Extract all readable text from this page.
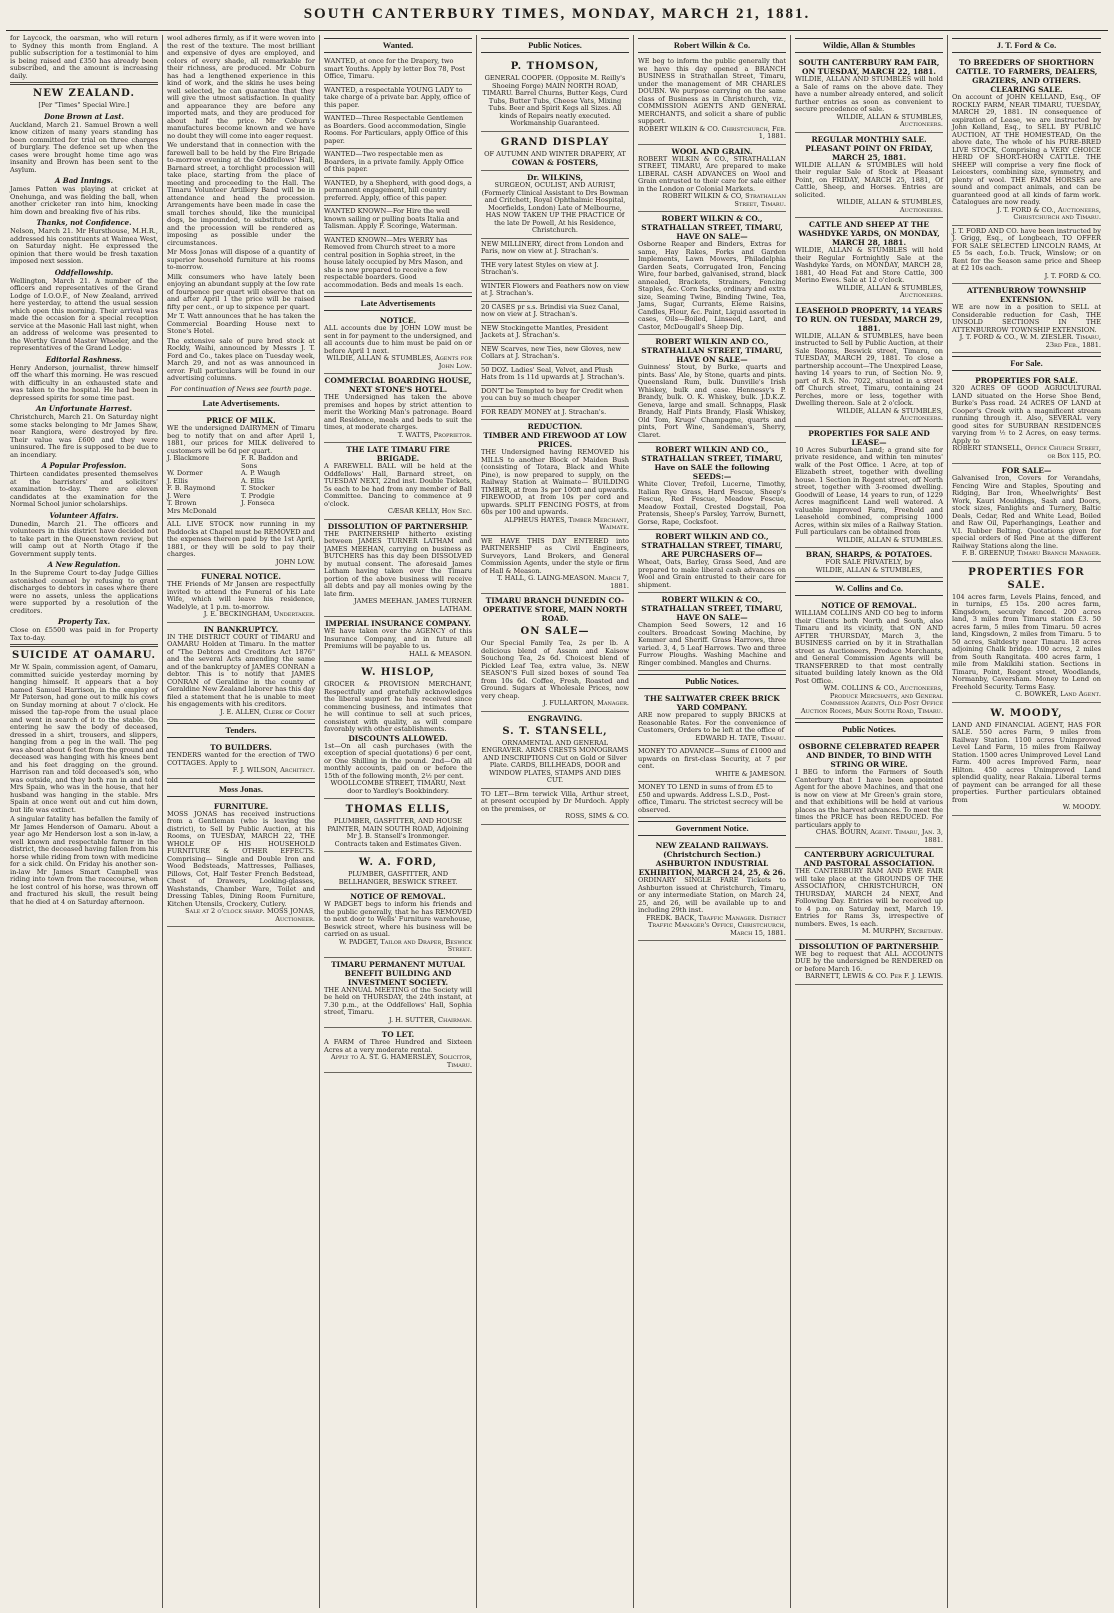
SOUTH CANTERBURY TIMES, MONDAY, MARCH 21, 1881.
for Laycock, the oarsman, who will return to Sydney this month from England. A public subscription for a testimonial to him is being raised and £350 has already been subscribed, and the amount is increasing daily.
NEW ZEALAND.
[Per "Times" Special Wire.]
Done Brown at Last.
Auckland, March 21. Samuel Brown a well know citizen of many years standing has been committed for trial on three charges of burglary. The defence set up when the cases were brought home time ago was insanity and Brown has been sent to the Asylum.
A Bad Innings.
James Patten was playing at cricket at Onehunga, and was fielding the ball, when another cricketer ran into him, knocking him down and breaking five of his ribs.
Thanks, not Confidence.
Nelson, March 21. Mr Hursthouse, M.H.R., addressed his constituents at Waimea West, on Saturday night. He expressed the opinion that there would be fresh taxation imposed next session.
Oddfellowship.
Wellington, March 21. A number of the officers and representatives of the Grand Lodge of I.O.O.F., of New Zealand, arrived here yesterday, to attend the usual session which open this morning. Their arrival was made the occasion for a special reception service at the Masonic Hall last night, when an address of welcome was presented to the Worthy Grand Master Wheeler, and the representatives of the Grand Lodge.
Editorial Rashness.
Henry Anderson, journalist, threw himself off the wharf this morning. He was rescued with difficulty in an exhausted state and was taken to the hospital. He had been in depressed spirits for some time past.
An Unfortunate Harrest.
Christchurch, March 21. On Saturday night some stacks belonging to Mr James Shaw, near Rangiora, were destroyed by fire. Their value was £600 and they were uninsured. The fire is supposed to be due to an incendiary.
A Popular Profession.
Thirteen candidates presented themselves at the barristers' and solicitors' examination to-day. There are eleven candidates at the examination for the Normal School junior scholarships.
Volunteer Affairs.
Dunedin, March 21. The officers and volunteers in this district have decided not to take part in the Queenstown review, but will camp out at North Otago if the Government supply tents.
A New Regulation.
In the Supreme Court to-day Judge Gillies astonished counsel by refusing to grant discharges to debtors in cases where there were no assets, unless the applications were supported by a resolution of the creditors.
Property Tax.
Close on £5500 was paid in for Property Tax to-day.
SUICIDE AT OAMARU.
Mr W. Spain, commission agent, of Oamaru, committed suicide yesterday morning by hanging himself. It appears that a boy named Samuel Harrison, in the employ of Mr Paterson, had gone out to milk his cows on Sunday morning at about 7 o'clock. He missed the tap-rope from the usual place and went in search of it to the stable. On entering he saw the body of deceased, dressed in a shirt, trousers, and slippers, hanging from a peg in the wall. The peg was about about 6 feet from the ground and deceased was hanging with his knees bent and his feet dragging on the ground. Harrison ran and told deceased's son, who was outside, and they both ran in and told Mrs Spain, who was in the house, that her husband was hanging in the stable. Mrs Spain at once went out and cut him down, but life was extinct.
A singular fatality has befallen the family of Mr James Henderson of Oamaru. About a year ago Mr Henderson lost a son in-law, a well known and respectable farmer in the district, the deceased having fallen from his horse while riding from town with medicine for a sick child. On Friday his another son-in-law Mr James Smart Campbell was riding into town from the racecourse, when he lost control of his horse, was thrown off and fractured his skull, the result being that he died at 4 on Saturday afternoon.
wool adheres firmly, as if it were woven into the rest of the texture. The most brilliant and expensive of dyes are employed, and colors of every shade, all remarkable for their richness, are produced. Mr Coburn has had a lengthened experience in this kind of work, and the skins he uses being well selected, he can guarantee that they will give the utmost satisfaction. In quality and appearance they are before any imported mats, and they are produced for about half the price. Mr Coburn's manufactures become known and we have no doubt they will come into eager request.
We understand that in connection with the farewell ball to be held by the Fire Brigade to-morrow evening at the Oddfellows' Hall, Barnard street, a torchlight procession will take place, starting from the place of meeting and proceeding to the Hall. The Timaru Volunteer Artillery Band will be in attendance and head the procession. Arrangements have been made in case the small torches should, like the municipal dogs, be impounded, to substitute others, and the procession will be rendered as imposing as possible under the circumstances.
Mr Moss Jonas will dispose of a quantity of superior household furniture at his rooms to-morrow.
Milk consumers who have lately been enjoying an abundant supply at the low rate of fourpence per quart will observe that on and after April 1 the price will be raised fifty per cent., or up to sixpence per quart.
Mr T. Watt announces that he has taken the Commercial Boarding House next to Stone's Hotel.
The extensive sale of pure bred stock at Rockly, Waihi, announced by Messrs J. T. Ford and Co., takes place on Tuesday week, March 29, and not as was announced in error. Full particulars will be found in our advertising columns.
For continuation of News see fourth page.
Late Advertisements.
PRICE OF MILK.
WE the undersigned DAIRYMEN of Timaru beg to notify that on and after April 1, 1881, our prices for MILK delivered to customers will be 6d per quart.
J. Blackmore	F. R. Baddon and Sons
W. Dormer	A. P. Waugh
J. Ellis	A. Ellis
F. B. Raymond	T. Stocker
J. Were	T. Prodgie
T. Brown	J. Fonseca
Mrs McDonald
ALL LIVE STOCK now running in my Paddocks at Chapel must be REMOVED and the expenses thereon paid by the 1st April, 1881, or they will be sold to pay their charges.
JOHN LOW.
FUNERAL NOTICE.
THE Friends of Mr Jansen are respectfully invited to attend the Funeral of his Late Wife, which will leave his residence, Wadelyle, at 1 p.m. to-morrow.
J. E. BECKINGHAM, Undertaker.
IN BANKRUPTCY.
IN THE DISTRICT COURT of TIMARU and OAMARU Holden at Timaru. In the matter of "The Debtors and Creditors Act 1876" and the several Acts amending the same and of the bankruptcy of JAMES CONRAN a debtor. This is to notify that JAMES CONRAN of Geraldine in the county of Geraldine New Zealand laborer has this day filed a statement that he is unable to meet his engagements with his creditors.
J. E. ALLEN, Clerk of Court
Tenders.
TO BUILDERS.
TENDERS wanted for the erection of TWO COTTAGES. Apply to
F. J. WILSON, Architect.
Moss Jonas.
FURNITURE.
MOSS JONAS has received instructions from a Gentleman (who is leaving the district), to Sell by Public Auction, at his Rooms, on TUESDAY, MARCH 22, THE WHOLE OF HIS HOUSEHOLD FURNITURE & OTHER EFFECTS. Comprising— Single and Double Iron and Wood Bedsteads, Mattresses, Palliases, Pillows, Cot, Half Tester French Bedstead, Chest of Drawers, Looking-glasses, Washstands, Chamber Ware, Toilet and Dressing Tables, Dining Room Furniture, Kitchen Utensils, Crockery, Cutlery.
Sale at 2 o'clock sharp. MOSS JONAS, Auctioneer.
Wanted.
WANTED, at once for the Drapery, two smart Youths. Apply by letter Box 78, Post Office, Timaru.
WANTED, a respectable YOUNG LADY to take charge of a private bar. Apply, office of this paper.
WANTED—Three Respectable Gentlemen as Boarders. Good accommodation, Single Rooms. For Particulars, apply Office of this paper.
WANTED—Two respectable men as Boarders, in a private family. Apply Office of this paper.
WANTED, by a Shepherd, with good dogs, a permanent engagement, hill country preferred. Apply, office of this paper.
WANTED KNOWN—For Hire the well known sailing or pulling boats Italia and Talisman. Apply F. Scoringe, Waterman.
WANTED KNOWN—Mrs WERRY has Removed from Church street to a more central position in Sophia street, in the house lately occupied by Mrs Mason, and she is now prepared to receive a few respectable boarders. Good accommodation. Beds and meals 1s each.
Late Advertisements
NOTICE.
ALL accounts due by JOHN LOW must be sent in for payment to the undersigned, and all accounts due to him must be paid on or before April 1 next.
WILDIE, ALLAN & STUMBLES, Agents for John Low.
COMMERCIAL BOARDING HOUSE, NEXT STONE'S HOTEL.
THE Undersigned has taken the above premises and hopes by strict attention to merit the Working Man's patronage. Board and Residence, meals and beds to suit the times, at moderate charges.
T. WATTS, Proprietor.
THE LATE TIMARU FIRE BRIGADE.
A FAREWELL BALL will be held at the Oddfellows' Hall, Barnard street, on TUESDAY NEXT, 22nd inst. Double Tickets, 5s each to be had from any member of Ball Committee. Dancing to commence at 9 o'clock.
CÆSAR KELLY, Hon Sec.
DISSOLUTION OF PARTNERSHIP.
THE PARTNERSHIP hitherto existing between JAMES TURNER LATHAM and JAMES MEEHAN, carrying on business as BUTCHERS has this day been DISSOLVED by mutual consent. The aforesaid James Latham having taken over the Timaru portion of the above business will receive all debts and pay all monies owing by the late firm.
JAMES MEEHAN. JAMES TURNER LATHAM.
IMPERIAL INSURANCE COMPANY.
WE have taken over the AGENCY of this Insurance Company, and in future all Premiums will be payable to us.
HALL & MEASON.
W. HISLOP,
GROCER & PROVISION MERCHANT, Respectfully and gratefully acknowledges the liberal support he has received since commencing business, and intimates that he will continue to sell at such prices, consistent with quality, as will compare favorably with other establishments.
DISCOUNTS ALLOWED.
1st—On all cash purchases (with the exception of special quotations) 6 per cent, or One Shilling in the pound. 2nd—On all monthly accounts, paid on or before the 15th of the following month, 2½ per cent.
WOOLLCOMBE STREET, TIMARU, Next door to Yardley's Bookbindery.
THOMAS ELLIS,
PLUMBER, GASFITTER, AND HOUSE PAINTER, MAIN SOUTH ROAD, Adjoining Mr J. B. Stansell's Ironmonger.
Contracts taken and Estimates Given.
W. A. FORD,
PLUMBER, GASFITTER, AND BELLHANGER, BESWICK STREET.
NOTICE OF REMOVAL.
W PADGET begs to inform his friends and the public generally, that he has REMOVED to next door to Wells' Furniture warehouse, Beswick street, where his business will be carried on as usual.
W. PADGET, Tailor and Draper, Beswick Street.
TIMARU PERMANENT MUTUAL BENEFIT BUILDING AND INVESTMENT SOCIETY.
THE ANNUAL MEETING of the Society will be held on THURSDAY, the 24th instant, at 7.30 p.m., at the Oddfellows' Hall, Sophia street, Timaru.
J. H. SUTTER, Chairman.
TO LET.
A FARM of Three Hundred and Sixteen Acres at a very moderate rental.
Apply to A. ST. G. HAMERSLEY, Solicitor, Timaru.
Public Notices.
P. THOMSON,
GENERAL COOPER. (Opposite M. Reilly's Shoeing Forge) MAIN NORTH ROAD, TIMARU. Barrel Churns, Butter Kegs, Curd Tubs, Butter Tubs, Cheese Vats, Mixing Tubs. Beer and Spirit Kegs all Sizes. All kinds of Repairs neatly executed. Workmanship Guaranteed.
GRAND DISPLAY
OF AUTUMN AND WINTER DRAPERY, AT
COWAN & FOSTERS,
Dr. WILKINS,
SURGEON, OCULIST, AND AURIST, (Formerly Clinical Assistant to Drs Bowman and Critchett, Royal Ophthalmic Hospital, Moorfields, London) Late of Melbourne, HAS NOW TAKEN UP THE PRACTICE Of the late Dr Powell, At his Residence, Christchurch.
NEW MILLINERY, direct from London and Paris, now on view at J. Strachan's.
THE very latest Styles on view at J. Strachan's.
WINTER Flowers and Feathers now on view at J. Strachan's.
20 CASES pr s.s. Brindisi via Suez Canal, now on view at J. Strachan's.
NEW Stockingette Mantles, President Jackets at J. Strachan's.
NEW Scarves, new Ties, new Gloves, new Collars at J. Strachan's.
50 DOZ. Ladies' Seal, Velvet, and Plush Hats from 1s 11d upwards at J. Strachan's.
DON'T be Tempted to buy for Credit when you can buy so much cheaper
FOR READY MONEY at J. Strachan's.
REDUCTION.
TIMBER AND FIREWOOD AT LOW PRICES.
THE Undersigned having REMOVED his MILLS to another Block of Maiden Bush (consisting of Totara, Black and White Pine), is now prepared to supply, on the Railway Station at Waimate— BUILDING TIMBER, at from 3s per 100ft and upwards. FIREWOOD, at from 10s per cord and upwards. SPLIT FENCING POSTS, at from 60s per 100 and upwards.
ALPHEUS HAYES, Timber Merchant, Waimate.
WE HAVE THIS DAY ENTERED into PARTNERSHIP as Civil Engineers, Surveyors, Land Brokers, and General Commission Agents, under the style or firm of Hall & Meason.
T. HALL, G. LAING-MEASON. March 7, 1881.
TIMARU BRANCH DUNEDIN CO-OPERATIVE STORE, MAIN NORTH ROAD.
ON SALE—
Our Special Family Tea, 2s per lb. A delicious blend of Assam and Kaisow Souchong Tea, 2s 6d. Choicest blend of Pickled Leaf Tea, extra value, 3s. NEW SEASON'S Full sized boxes of sound Tea from 10s 6d. Coffee, Fresh, Roasted and Ground. Sugars at Wholesale Prices, now very cheap.
J. FULLARTON, Manager.
ENGRAVING.
S. T. STANSELL,
ORNAMENTAL AND GENERAL ENGRAVER. ARMS CRESTS MONOGRAMS AND INSCRIPTIONS Cut on Gold or Silver Plate. CARDS, BILLHEADS, DOOR and WINDOW PLATES, STAMPS AND DIES CUT.
TO LET—Brm terwick Villa, Arthur street, at present occupied by Dr Murdoch. Apply on the premises, or
ROSS, SIMS & CO.
Robert Wilkin & Co.
WE beg to inform the public generally that we have this day opened a BRANCH BUSINESS in Strathallan Street, Timaru, under the management of MR CHARLES DOUBN. We purpose carrying on the same class of Business as in Christchurch, viz., COMMISSION AGENTS AND GENERAL MERCHANTS, and solicit a share of public support.
ROBERT WILKIN & CO. Christchurch, Feb. 1, 1881.
WOOL AND GRAIN.
ROBERT WILKIN & CO., STRATHALLAN STREET, TIMARU, Are prepared to make LIBERAL CASH ADVANCES on Wool and Grain entrusted to their care for sale either in the London or Colonial Markets.
ROBERT WILKIN & CO, Strathallan Street, Timaru.
ROBERT WILKIN & CO., STRATHALLAN STREET, TIMARU, HAVE ON SALE—
Osborne Reaper and Binders, Extras for same, Hay Rakes, Forks and Garden Implements, Lawn Mowers, Philadelphia Garden Seats, Corrugated Iron, Fencing Wire, four barbed, galvanised, strand, black annealed, Brackets, Strainers, Fencing Staples, &c. Corn Sacks, ordinary and extra size, Seaming Twine, Binding Twine, Tea, Jams, Sugar, Currants, Eleme Raisins, Candles, Flour, &c. Paint, Liquid assorted in cases, Oils—Boiled, Linseed, Lard, and Castor, McDougall's Sheep Dip.
ROBERT WILKIN AND CO., STRATHALLAN STREET, TIMARU, HAVE ON SALE—
Guinness' Stout, by Burke, quarts and pints. Bass' Ale, by Stone, quarts and pints. Queensland Rum, bulk. Dunville's Irish Whiskey, bulk and case. Hennessy's P. Brandy, bulk. O. K. Whiskey, bulk. J.D.K.Z. Geneva, large and small. Schnapps, Flask Brandy, Half Pints Brandy, Flask Whiskey, Old Tom, Krugs' Champagne, quarts and pints, Port Wine, Sandeman's, Sherry, Claret.
ROBERT WILKIN AND CO., STRATHALLAN STREET, TIMARU, Have on SALE the following SEEDS:—
White Clover, Trefoil, Lucerne, Timothy, Italian Rye Grass, Hard Fescue, Sheep's Fescue, Red Fescue, Meadow Fescue, Meadow Foxtail, Crested Dogstail, Poa Pratensis, Sheep's Parsley, Yarrow, Burnett, Gorse, Rape, Cocksfoot.
ROBERT WILKIN AND CO., STRATHALLAN STREET, TIMARU, ARE PURCHASERS OF—
Wheat, Oats, Barley, Grass Seed, And are prepared to make liberal cash advances on Wool and Grain entrusted to their care for shipment.
ROBERT WILKIN & CO., STRATHALLAN STREET, TIMARU, HAVE ON SALE—
Champion Seed Sowers, 12 and 16 coulters. Broadcast Sowing Machine, by Kemmer and Sheriff. Grass Harrows, three varied. 3, 4, 5 Leaf Harrows. Two and three Furrow Ploughs. Washing Machine and Ringer combined. Mangles and Churns.
Public Notices.
THE SALTWATER CREEK BRICK YARD COMPANY.
ARE now prepared to supply BRICKS at Reasonable Rates. For the convenience of Customers, Orders to be left at the office of
EDWARD H. TATE, Timaru.
MONEY TO ADVANCE—Sums of £1000 and upwards on first-class Security, at 7 per cent.
WHITE & JAMESON.
MONEY TO LEND in sums of from £5 to £50 and upwards. Address L.S.D., Post-office, Timaru. The strictest secrecy will be observed.
Government Notice.
NEW ZEALAND RAILWAYS. (Christchurch Section.) ASHBURTON INDUSTRIAL EXHIBITION, MARCH 24, 25, & 26.
ORDINARY SINGLE FARE Tickets to Ashburton issued at Christchurch, Timaru, or any intermediate Station, on March 24, 25, and 26, will be available up to and including 29th inst.
FREDK. BACK, Traffic Manager. District Traffic Manager's Office, Christchurch, March 15, 1881.
Wildie, Allan & Stumbles
SOUTH CANTERBURY RAM FAIR, ON TUESDAY, MARCH 22, 1881.
WILDIE, ALLAN AND STUMBLES will hold a Sale of rams on the above date. They have a number already entered, and solicit further entries as soon as convenient to secure precedence of sale.
WILDIE, ALLAN & STUMBLES, Auctioneers.
REGULAR MONTHLY SALE. PLEASANT POINT ON FRIDAY, MARCH 25, 1881.
WILDIE ALLAN & STUMBLES will hold their regular Sale of Stock at Pleasant Point, on FRIDAY, MARCH 25, 1881, Of Cattle, Sheep, and Horses. Entries are solicited.
WILDIE, ALLAN & STUMBLES, Auctioneers.
CATTLE AND SHEEP AT THE WASHDYKE YARDS, ON MONDAY, MARCH 28, 1881.
WILDIE, ALLAN & STUMBLES will hold their Regular Fortnightly Sale at the Washdyke Yards, on MONDAY, MARCH 28, 1881, 40 Head Fat and Store Cattle, 300 Merino Ewes. Sale at 12 o'clock.
WILDIE, ALLAN & STUMBLES, Auctioneers.
LEASEHOLD PROPERTY, 14 YEARS TO RUN. ON TUESDAY, MARCH 29, 1881.
WILDIE, ALLAN & STUMBLES, have been instructed to Sell by Public Auction, at their Sale Rooms, Beswick street, Timaru, on TUESDAY, MARCH 29, 1881. To close a partnership account—The Unexpired Lease, having 14 years to run, of Section No. 9, part of R.S. No. 7022, situated in a street off Church street, Timaru, containing 24 Perches, more or less, together with Dwelling thereon. Sale at 2 o'clock.
WILDIE, ALLAN & STUMBLES, Auctioneers.
PROPERTIES FOR SALE AND LEASE—
10 Acres Suburban Land; a grand site for private residence, and within ten minutes' walk of the Post Office. 1 Acre, at top of Elizabeth street, together with dwelling house. 1 Section in Regent street, off North street, together with 3-roomed dwelling. Goodwill of Lease, 14 years to run, of 1229 Acres magnificent Land well watered. A valuable improved Farm, Freehold and Leasehold combined, comprising 1000 Acres, within six miles of a Railway Station. Full particulars can be obtained from
WILDIE, ALLAN & STUMBLES.
BRAN, SHARPS, & POTATOES.
FOR SALE PRIVATELY, by
WILDIE, ALLAN & STUMBLES,
W. Collins and Co.
NOTICE OF REMOVAL.
WILLIAM COLLINS AND CO beg to inform their Clients both North and South, also Timaru and its vicinity, that ON AND AFTER THURSDAY, March 3, the BUSINESS carried on by it in Strathallan street as Auctioneers, Produce Merchants, and General Commission Agents will be TRANSFERRED to that most centrally situated building lately known as the Old Post Office.
WM. COLLINS & CO., Auctioneers, Produce Merchants, and General Commission Agents, Old Post Office Auction Rooms, Main South Road, Timaru.
Public Notices.
OSBORNE CELEBRATED REAPER AND BINDER, TO BIND WITH STRING OR WIRE.
I BEG to inform the Farmers of South Canterbury that I have been appointed Agent for the above Machines, and that one is now on view at Mr Green's grain store, and that exhibitions will be held at various places as the harvest advances. To meet the times the PRICE has been REDUCED. For particulars apply to
CHAS. BOURN, Agent. Timaru, Jan. 3, 1881.
CANTERBURY AGRICULTURAL AND PASTORAL ASSOCIATION.
THE CANTERBURY RAM AND EWE FAIR will take place at the GROUNDS OF THE ASSOCIATION, CHRISTCHURCH, ON THURSDAY, MARCH 24 NEXT, And Following Day. Entries will be received up to 4 p.m. on Saturday next, March 19. Entries for Rams 3s, irrespective of numbers. Ewes, 1s each.
M. MURPHY, Secretary.
DISSOLUTION OF PARTNERSHIP.
WE beg to request that ALL ACCOUNTS DUE by the undersigned be RENDERED on or before March 16.
BARNETT, LEWIS & CO. Per F. J. LEWIS.
J. T. Ford & Co.
TO BREEDERS OF SHORTHORN CATTLE. TO FARMERS, DEALERS, GRAZIERS, AND OTHERS. CLEARING SALE.
On account of JOHN KELLAND, Esq., OF ROCKLY FARM, NEAR TIMARU, TUESDAY, MARCH 29, 1881. IN consequence of expiration of Lease, we are instructed by John Kelland, Esq., to SELL BY PUBLIC AUCTION, AT THE HOMESTEAD, On the above date, The whole of his PURE-BRED LIVE STOCK, Comprising a VERY CHOICE HERD OF SHORT-HORN CATTLE. THE SHEEP will comprise a very fine flock of Leicesters, combining size, symmetry, and plenty of wool. THE FARM HORSES are sound and compact animals, and can be guaranteed good at all kinds of farm work. Catalogues are now ready.
J. T. FORD & CO., Auctioneers, Christchurch and Timaru.
J. T. FORD AND CO. have been instructed by J. Grigg, Esq., of Longbeach, TO OFFER FOR SALE SELECTED LINCOLN RAMS, At £5 5s each, f.o.b. Truck, Winslow; or on Rent for the Season same price and Sheep at £2 10s each.
J. T. FORD & CO.
ATTENBURROW TOWNSHIP EXTENSION.
WE are now in a position to SELL at Considerable reduction for Cash, THE UNSOLD SECTIONS IN THE ATTENBURROW TOWNSHIP EXTENSION.
J. T. FORD & CO., W. M. ZIESLER. Timaru, 23rd Feb., 1881.
For Sale.
PROPERTIES FOR SALE.
320 ACRES OF GOOD AGRICULTURAL LAND situated on the Horse Shoe Bend, Burke's Pass road. 24 ACRES OF LAND at Cooper's Creek with a magnificent stream running through it. Also, SEVERAL very good sites for SUBURBAN RESIDENCES varying from ½ to 2 Acres, on easy terms. Apply to
ROBERT STANSELL, Office Church Street, or Box 115, P.O.
FOR SALE—
Galvanised Iron, Covers for Verandahs, Fencing Wire and Staples, Spouting and Ridging, Bar Iron, Wheelwrights' Best Work, Kauri Mouldings, Sash and Doors, stock sizes, Fanlights and Turnery, Baltic Deals, Cedar, Red and White Lead, Boiled and Raw Oil, Paperhangings, Leather and V.I. Rubber Belting. Quotations given for special orders of Red Pine at the different Railway Stations along the line.
F. B. GREENUP, Timaru Branch Manager.
PROPERTIES FOR SALE.
104 acres farm, Levels Plains, fenced, and in turnips, £5 15s. 200 acres farm, Kingsdown, securely fenced. 200 acres land, 3 miles from Timaru station £3. 50 acres farm, 5 miles from Timaru. 50 acres land, Kingsdown, 2 miles from Timaru. 5 to 50 acres, Saltdesty near Timaru. 18 acres adjoining Chalk bridge. 100 acres, 2 miles from South Rangitata. 400 acres farm, 1 mile from Makikihi station. Sections in Timaru, Point, Regent street, Woodlands, Normanby, Caversham. Money to Lend on Freehold Security. Terms Easy.
C. BOWKER, Land Agent.
W. MOODY,
LAND AND FINANCIAL AGENT, HAS FOR SALE. 550 acres Farm, 9 miles from Railway Station. 1100 acres Unimproved Level Land Farm, 15 miles from Railway Station. 1500 acres Unimproved Level Land Farm. 400 acres Improved Farm, near Hilton. 450 acres Unimproved Land splendid quality, near Rakaia. Liberal terms of payment can be arranged for all these properties. Further particulars obtained from
W. MOODY.
